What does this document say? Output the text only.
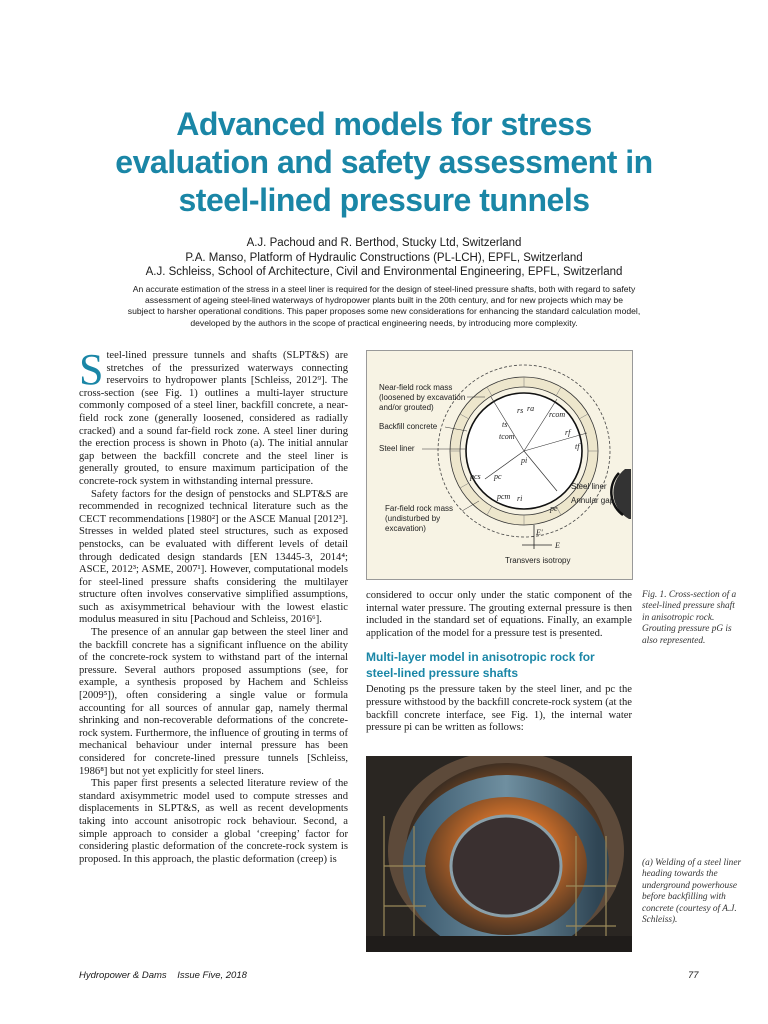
Advanced models for stress
evaluation and safety assessment in
steel-lined pressure tunnels
A.J. Pachoud and R. Berthod, Stucky Ltd, Switzerland
P.A. Manso, Platform of Hydraulic Constructions (PL-LCH), EPFL, Switzerland
A.J. Schleiss, School of Architecture, Civil and Environmental Engineering, EPFL, Switzerland
An accurate estimation of the stress in a steel liner is required for the design of steel-lined pressure shafts, both with regard to safety
assessment of ageing steel-lined waterways of hydropower plants built in the 20th century, and for new projects which may be
subject to harsher operational conditions. This paper proposes some new considerations for enhancing the standard calculation model,
developed by the authors in the scope of practical engineering needs, by introducing more complexity.

Steel-lined pressure tunnels and shafts (SLPT&S) are stretches of the pressurized waterways connecting reservoirs to hydropower plants [Schleiss, 2012⁹]. The cross-section (see Fig. 1) outlines a multi-layer structure commonly composed of a steel liner, backfill concrete, a near-field rock zone (generally loosened, considered as radially cracked) and a sound far-field rock zone. A steel liner during the erection process is shown in Photo (a). The initial annular gap between the backfill concrete and the steel liner is generally grouted, to ensure maximum participation of the concrete-rock system in withstanding internal pressure.

Safety factors for the design of penstocks and SLPT&S are recommended in recognized technical literature such as the CECT recommendations [1980²] or the ASCE Manual [2012³]. Stresses in welded plated steel structures, such as exposed penstocks, can be evaluated with different levels of detail through dedicated design standards [EN 13445-3, 2014⁴; ASCE, 2012³; ASME, 2007¹]. However, computational models for steel-lined pressure shafts considering the multilayer structure often involves conservative simplified assumptions, such as axisymmetrical behaviour with the lowest elastic modulus measured in situ [Pachoud and Schleiss, 2016⁶].

The presence of an annular gap between the steel liner and the backfill concrete has a significant influence on the ability of the concrete-rock system to withstand part of the internal pressure. Several authors proposed assumptions (see, for example, a synthesis proposed by Hachem and Schleiss [2009⁵]), often considering a single value or formula accounting for all sources of annular gap, namely thermal shrinking and non-recoverable deformations of the concrete-rock system. Furthermore, the influence of grouting in terms of mechanical behaviour under internal pressure has been considered for concrete-lined pressure tunnels [Schleiss, 1986⁸] but not yet explicitly for steel liners.

This paper first presents a selected literature review of the standard axisymmetric model used to compute stresses and displacements in SLPT&S, as well as recent developments taking into account anisotropic rock behaviour. Second, a simple approach to consider a global ‘creeping’ factor for considering plastic deformation of the concrete-rock system is proposed. In this approach, the plastic deformation (creep) is

Near-field rock mass
(loosened by excavation
and/or grouted)
Backfill concrete
Steel liner
Far-field rock mass
(undisturbed by
excavation)
pi
pcs pc
pcm
pe
ts
tcom
ra
rcom
rf
tf
rs
ri
E'
E
Transvers isotropy
Steel liner
Annular gap
Fig. 1. Cross-section of a steel-lined pressure shaft in anisotropic rock. Grouting pressure pG is also represented.

considered to occur only under the static component of the internal water pressure. The grouting external pressure is then included in the standard set of equations. Finally, an example application of the model for a pressure test is presented.

Multi-layer model in anisotropic rock for
steel-lined pressure shafts

Denoting ps the pressure taken by the steel liner, and pc the pressure withstood by the backfill concrete-rock system (at the backfill concrete interface, see Fig. 1), the internal water pressure pi can be written as follows:

(a) Welding of a steel liner heading towards the underground powerhouse before backfilling with concrete (courtesy of A.J. Schleiss).
Hydropower & Dams    Issue Five, 2018	77
